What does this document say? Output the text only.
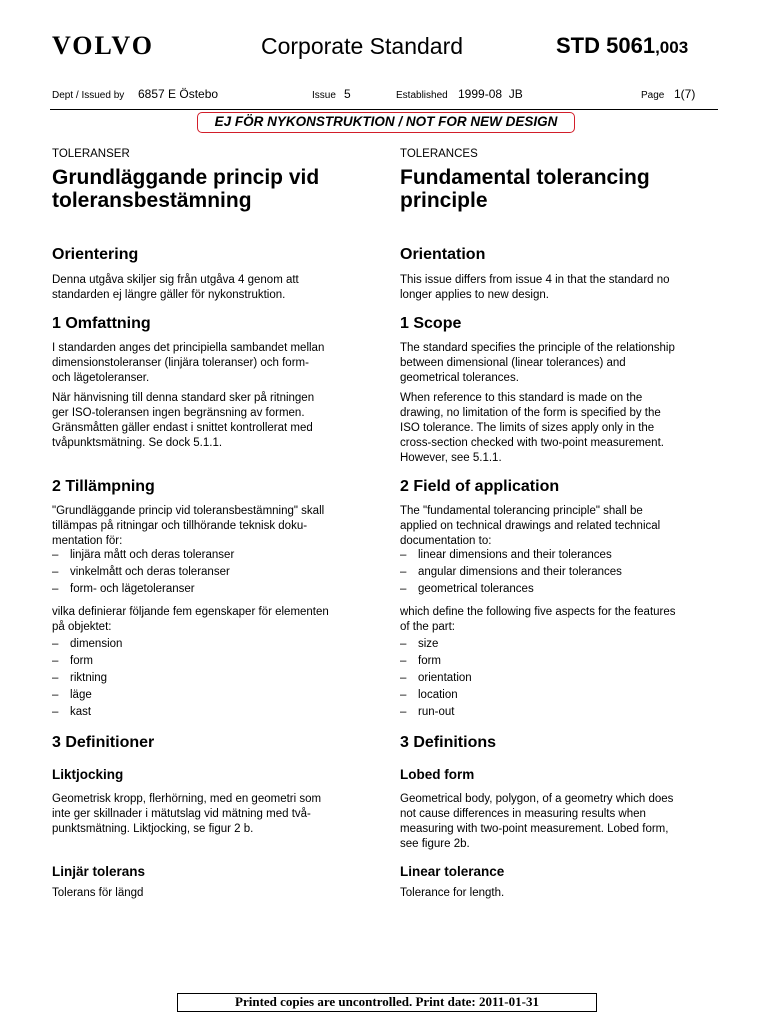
VOLVO	Corporate Standard	STD 5061,003
Dept / Issued by 6857 E Östebo	Issue 5	Established 1999-08  JB	Page 1(7)
EJ FÖR NYKONSTRUKTION / NOT FOR NEW DESIGN
TOLERANSER
Grundläggande princip vid
toleransbestämning
Orientering
Denna utgåva skiljer sig från utgåva 4 genom att
standarden ej längre gäller för nykonstruktion.
1 Omfattning
I standarden anges det principiella sambandet mellan
dimensionstoleranser (linjära toleranser) och form-
och lägetoleranser.
När hänvisning till denna standard sker på ritningen
ger ISO-toleransen ingen begränsning av formen.
Gränsmåtten gäller endast i snittet kontrollerat med
tvåpunktsmätning. Se dock 5.1.1.
2 Tillämpning
"Grundläggande princip vid toleransbestämning" skall
tillämpas på ritningar och tillhörande teknisk doku-
mentation för:
–	linjära mått och deras toleranser
–	vinkelmått och deras toleranser
–	form- och lägetoleranser
vilka definierar följande fem egenskaper för elementen
på objektet:
–	dimension
–	form
–	riktning
–	läge
–	kast
3 Definitioner
Liktjocking
Geometrisk kropp, flerhörning, med en geometri som
inte ger skillnader i mätutslag vid mätning med två-
punktsmätning. Liktjocking, se figur 2 b.
Linjär tolerans
Tolerans för längd
TOLERANCES
Fundamental tolerancing
principle
Orientation
This issue differs from issue 4 in that the standard no
longer applies to new design.
1 Scope
The standard specifies the principle of the relationship
between dimensional (linear tolerances) and
geometrical tolerances.
When reference to this standard is made on the
drawing, no limitation of the form is specified by the
ISO tolerance. The limits of sizes apply only in the
cross-section checked with two-point measurement.
However, see 5.1.1.
2 Field of application
The "fundamental tolerancing principle" shall be
applied on technical drawings and related technical
documentation to:
–	linear dimensions and their tolerances
–	angular dimensions and their tolerances
–	geometrical tolerances
which define the following five aspects for the features
of the part:
–	size
–	form
–	orientation
–	location
–	run-out
3 Definitions
Lobed form
Geometrical body, polygon, of a geometry which does
not cause differences in measuring results when
measuring with two-point measurement. Lobed form,
see figure 2b.
Linear tolerance
Tolerance for length.
Printed copies are uncontrolled. Print date: 2011-01-31
